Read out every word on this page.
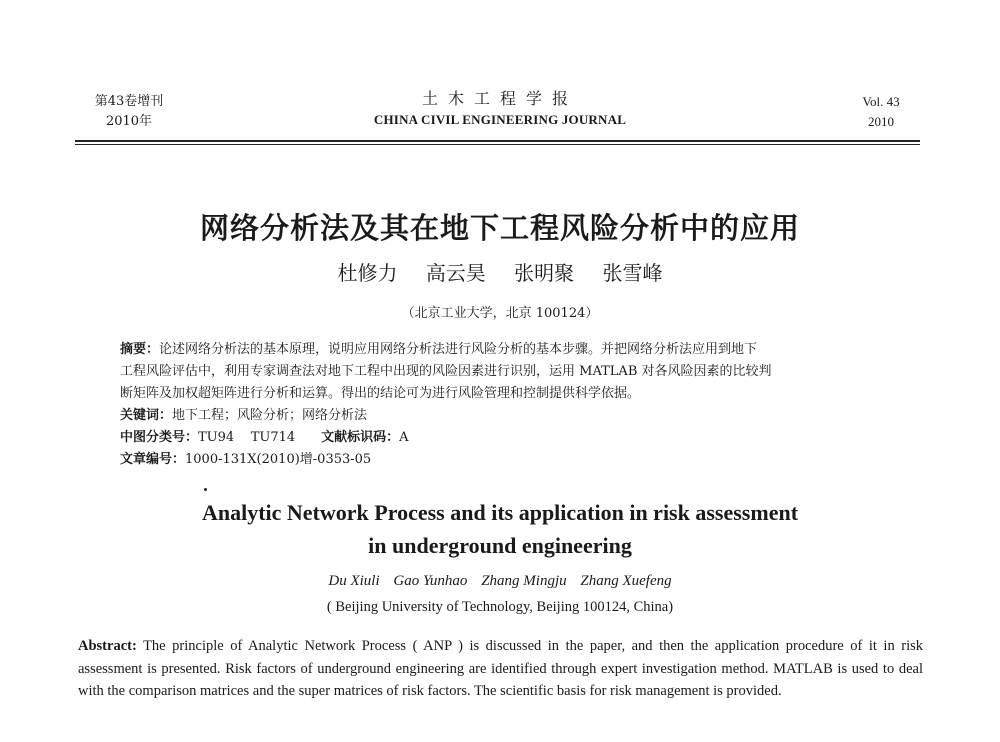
第43卷增刊
2010年
土木工程学报
CHINA CIVIL ENGINEERING JOURNAL
Vol. 43
2010
网络分析法及其在地下工程风险分析中的应用
杜修力 高云昊 张明聚 张雪峰
（北京工业大学，北京 100124）
摘要：论述网络分析法的基本原理，说明应用网络分析法进行风险分析的基本步骤。并把网络分析法应用到地下
工程风险评估中，利用专家调查法对地下工程中出现的风险因素进行识别，运用 MATLAB 对各风险因素的比较判
断矩阵及加权超矩阵进行分析和运算。得出的结论可为进行风险管理和控制提供科学依据。
关键词：地下工程；风险分析；网络分析法
中图分类号：TU94    TU714 文献标识码：A
文章编号：1000-131X(2010)增-0353-05
Analytic Network Process and its application in risk assessment
in underground engineering
Du Xiuli Gao Yunhao Zhang Mingju Zhang Xuefeng
( Beijing University of Technology, Beijing 100124, China)
Abstract: The principle of Analytic Network Process ( ANP ) is discussed in the paper, and then the application procedure of it in risk assessment is presented. Risk factors of underground engineering are identified through expert investigation method. MATLAB is used to deal with the comparison matrices and the super matrices of risk factors. The scientific basis for risk management is provided.
